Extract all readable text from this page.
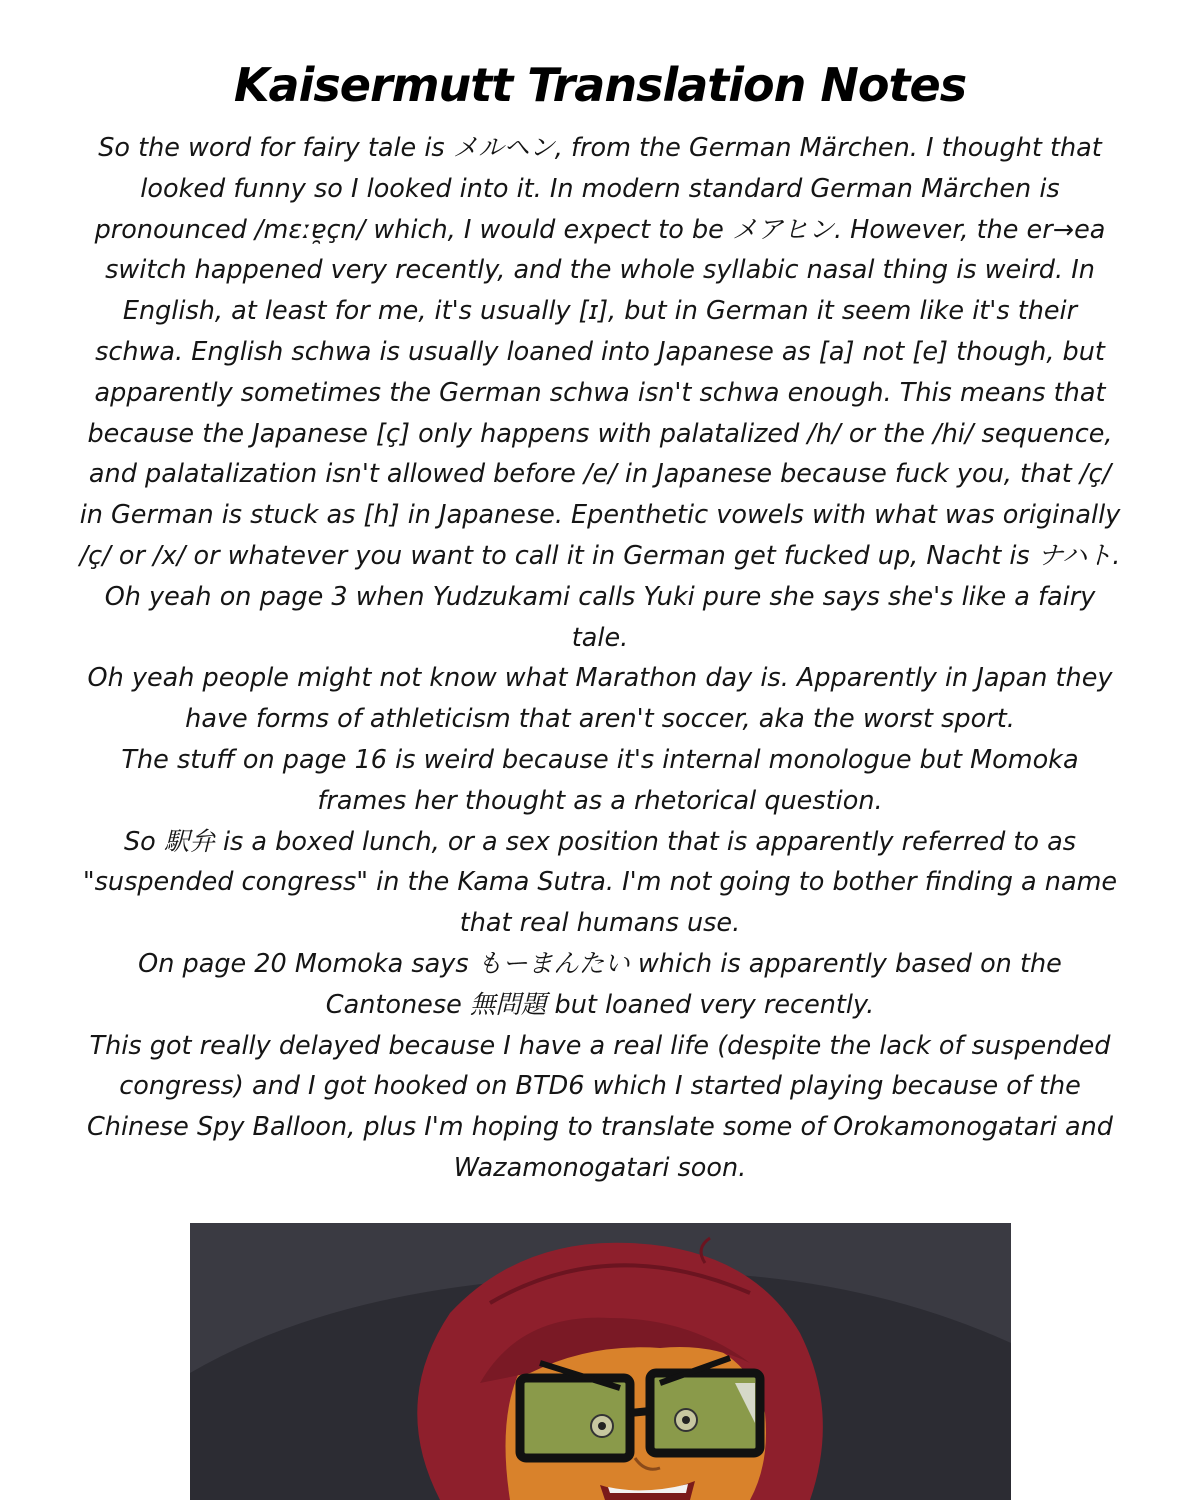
Kaisermutt Translation Notes

So the word for fairy tale is メルヘン, from the German Märchen. I thought that looked funny so I looked into it. In modern standard German Märchen is pronounced /mɛːɐ̯çn/ which, I would expect to be メアヒン. However, the er→ea switch happened very recently, and the whole syllabic nasal thing is weird. In English, at least for me, it's usually [ɪ], but in German it seem like it's their schwa. English schwa is usually loaned into Japanese as [a] not [e] though, but apparently sometimes the German schwa isn't schwa enough. This means that because the Japanese [ç] only happens with palatalized /h/ or the /hi/ sequence, and palatalization isn't allowed before /e/ in Japanese because fuck you, that /ç/ in German is stuck as [h] in Japanese. Epenthetic vowels with what was originally /ç/ or /x/ or whatever you want to call it in German get fucked up, Nacht is ナハト. Oh yeah on page 3 when Yudzukami calls Yuki pure she says she's like a fairy tale.

Oh yeah people might not know what Marathon day is. Apparently in Japan they have forms of athleticism that aren't soccer, aka the worst sport.

The stuff on page 16 is weird because it's internal monologue but Momoka frames her thought as a rhetorical question.

So 駅弁 is a boxed lunch, or a sex position that is apparently referred to as "suspended congress" in the Kama Sutra. I'm not going to bother finding a name that real humans use.

On page 20 Momoka says もーまんたい which is apparently based on the Cantonese 無問題 but loaned very recently.

This got really delayed because I have a real life (despite the lack of suspended congress) and I got hooked on BTD6 which I started playing because of the Chinese Spy Balloon, plus I'm hoping to translate some of Orokamonogatari and Wazamonogatari soon.
